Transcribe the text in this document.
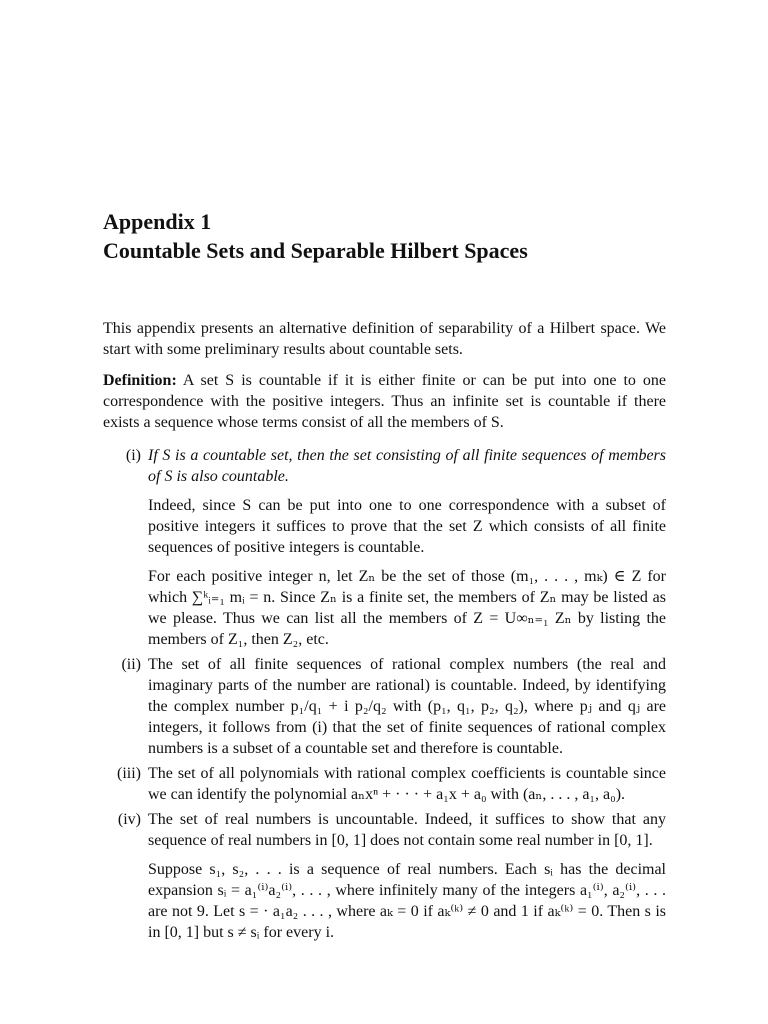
Appendix 1
Countable Sets and Separable Hilbert Spaces

This appendix presents an alternative definition of separability of a Hilbert space. We start with some preliminary results about countable sets.

Definition: A set S is countable if it is either finite or can be put into one to one correspondence with the positive integers. Thus an infinite set is countable if there exists a sequence whose terms consist of all the members of S.

(i) If S is a countable set, then the set consisting of all finite sequences of members of S is also countable.

Indeed, since S can be put into one to one correspondence with a subset of positive integers it suffices to prove that the set Z which consists of all finite sequences of positive integers is countable.

For each positive integer n, let Zₙ be the set of those (m₁, . . . , mₖ) ∈ Z for which ∑ᵏᵢ₌₁ mᵢ = n. Since Zₙ is a finite set, the members of Zₙ may be listed as we please. Thus we can list all the members of Z = U∞ₙ₌₁ Zₙ by listing the members of Z₁, then Z₂, etc.

(ii) The set of all finite sequences of rational complex numbers (the real and imaginary parts of the number are rational) is countable. Indeed, by identifying the complex number p₁/q₁ + i p₂/q₂ with (p₁, q₁, p₂, q₂), where pⱼ and qⱼ are integers, it follows from (i) that the set of finite sequences of rational complex numbers is a subset of a countable set and therefore is countable.

(iii) The set of all polynomials with rational complex coefficients is countable since we can identify the polynomial aₙxⁿ + · · · + a₁x + a₀ with (aₙ, . . . , a₁, a₀).

(iv) The set of real numbers is uncountable. Indeed, it suffices to show that any sequence of real numbers in [0, 1] does not contain some real number in [0, 1].

Suppose s₁, s₂, . . . is a sequence of real numbers. Each sᵢ has the decimal expansion sᵢ = a₁⁽ⁱ⁾a₂⁽ⁱ⁾, . . . , where infinitely many of the integers a₁⁽ⁱ⁾, a₂⁽ⁱ⁾, . . . are not 9. Let s = · a₁a₂ . . . , where aₖ = 0 if aₖ⁽ᵏ⁾ ≠ 0 and 1 if aₖ⁽ᵏ⁾ = 0. Then s is in [0, 1] but s ≠ sᵢ for every i.
